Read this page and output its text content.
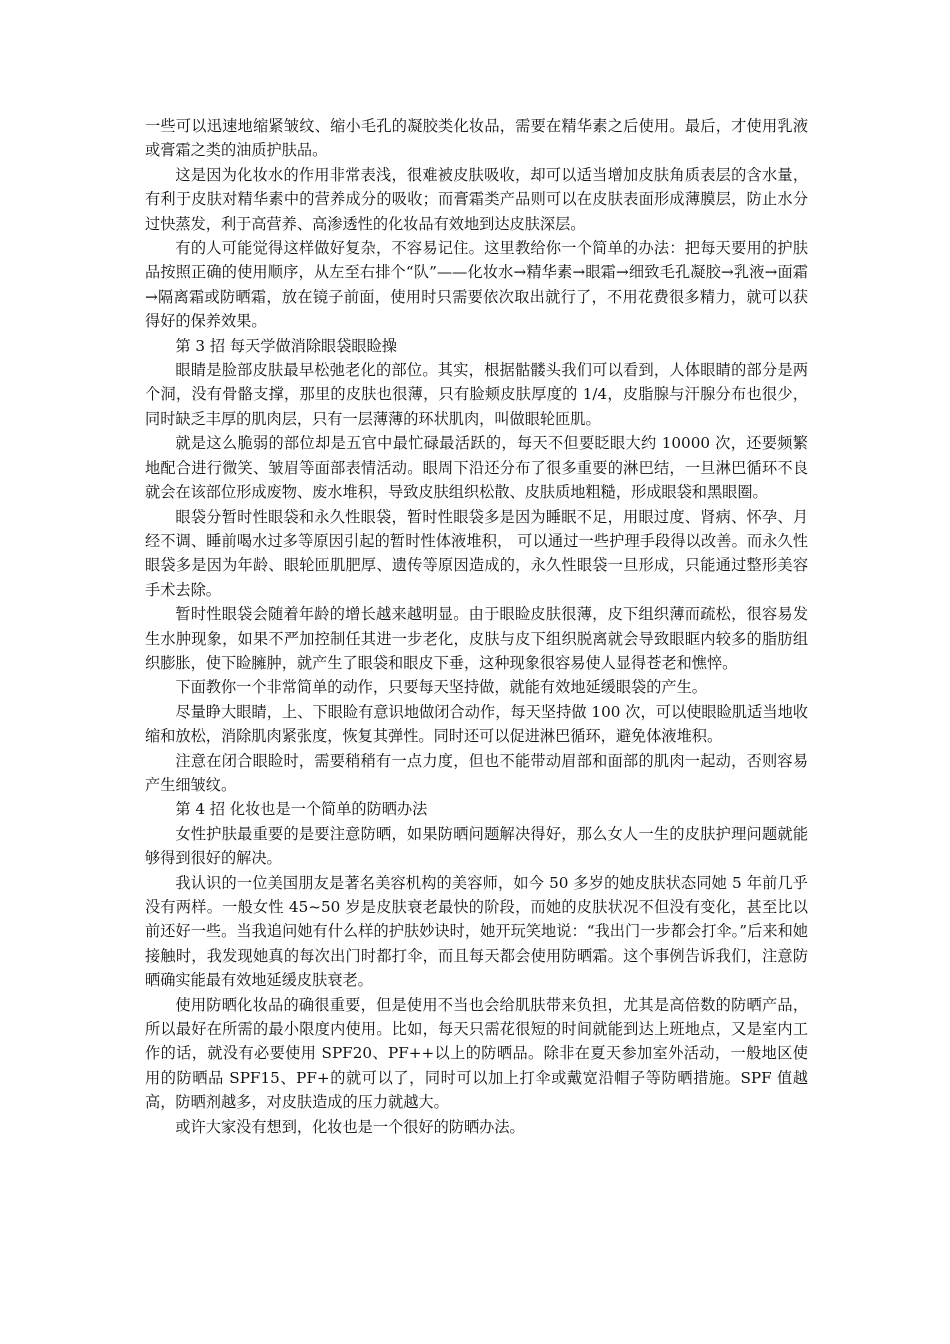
一些可以迅速地缩紧皱纹、缩小毛孔的凝胶类化妆品，需要在精华素之后使用。最后，才使用乳液或膏霜之类的油质护肤品。

这是因为化妆水的作用非常表浅，很难被皮肤吸收，却可以适当增加皮肤角质表层的含水量，有利于皮肤对精华素中的营养成分的吸收；而膏霜类产品则可以在皮肤表面形成薄膜层，防止水分过快蒸发，利于高营养、高渗透性的化妆品有效地到达皮肤深层。

有的人可能觉得这样做好复杂，不容易记住。这里教给你一个简单的办法：把每天要用的护肤品按照正确的使用顺序，从左至右排个“队”——化妆水→精华素→眼霜→细致毛孔凝胶→乳液→面霜→隔离霜或防晒霜，放在镜子前面，使用时只需要依次取出就行了，不用花费很多精力，就可以获得好的保养效果。

第 3 招 每天学做消除眼袋眼睑操

眼睛是脸部皮肤最早松弛老化的部位。其实，根据骷髅头我们可以看到，人体眼睛的部分是两个洞，没有骨骼支撑，那里的皮肤也很薄，只有脸颊皮肤厚度的 1/4，皮脂腺与汗腺分布也很少，同时缺乏丰厚的肌肉层，只有一层薄薄的环状肌肉，叫做眼轮匝肌。

就是这么脆弱的部位却是五官中最忙碌最活跃的，每天不但要眨眼大约 10000 次，还要频繁地配合进行微笑、皱眉等面部表情活动。眼周下沿还分布了很多重要的淋巴结，一旦淋巴循环不良就会在该部位形成废物、废水堆积，导致皮肤组织松散、皮肤质地粗糙，形成眼袋和黑眼圈。

眼袋分暂时性眼袋和永久性眼袋，暂时性眼袋多是因为睡眠不足，用眼过度、肾病、怀孕、月经不调、睡前喝水过多等原因引起的暂时性体液堆积， 可以通过一些护理手段得以改善。而永久性眼袋多是因为年龄、眼轮匝肌肥厚、遗传等原因造成的，永久性眼袋一旦形成，只能通过整形美容手术去除。

暂时性眼袋会随着年龄的增长越来越明显。由于眼睑皮肤很薄，皮下组织薄而疏松，很容易发生水肿现象，如果不严加控制任其进一步老化，皮肤与皮下组织脱离就会导致眼眶内较多的脂肪组织膨胀，使下睑臃肿，就产生了眼袋和眼皮下垂，这种现象很容易使人显得苍老和憔悴。

下面教你一个非常简单的动作，只要每天坚持做，就能有效地延缓眼袋的产生。

尽量睁大眼睛，上、下眼睑有意识地做闭合动作，每天坚持做 100 次，可以使眼睑肌适当地收缩和放松，消除肌肉紧张度，恢复其弹性。同时还可以促进淋巴循环，避免体液堆积。

注意在闭合眼睑时，需要稍稍有一点力度，但也不能带动眉部和面部的肌肉一起动，否则容易产生细皱纹。

第 4 招 化妆也是一个简单的防晒办法

女性护肤最重要的是要注意防晒，如果防晒问题解决得好，那么女人一生的皮肤护理问题就能够得到很好的解决。

我认识的一位美国朋友是著名美容机构的美容师，如今 50 多岁的她皮肤状态同她 5 年前几乎没有两样。一般女性 45~50 岁是皮肤衰老最快的阶段，而她的皮肤状况不但没有变化，甚至比以前还好一些。当我追问她有什么样的护肤妙诀时，她开玩笑地说：“我出门一步都会打伞。”后来和她接触时，我发现她真的每次出门时都打伞，而且每天都会使用防晒霜。这个事例告诉我们，注意防晒确实能最有效地延缓皮肤衰老。

使用防晒化妆品的确很重要，但是使用不当也会给肌肤带来负担，尤其是高倍数的防晒产品，所以最好在所需的最小限度内使用。比如，每天只需花很短的时间就能到达上班地点，又是室内工作的话，就没有必要使用 SPF20、PF++以上的防晒品。除非在夏天参加室外活动，一般地区使用的防晒品 SPF15、PF+的就可以了，同时可以加上打伞或戴宽沿帽子等防晒措施。SPF 值越高，防晒剂越多，对皮肤造成的压力就越大。

或许大家没有想到，化妆也是一个很好的防晒办法。
